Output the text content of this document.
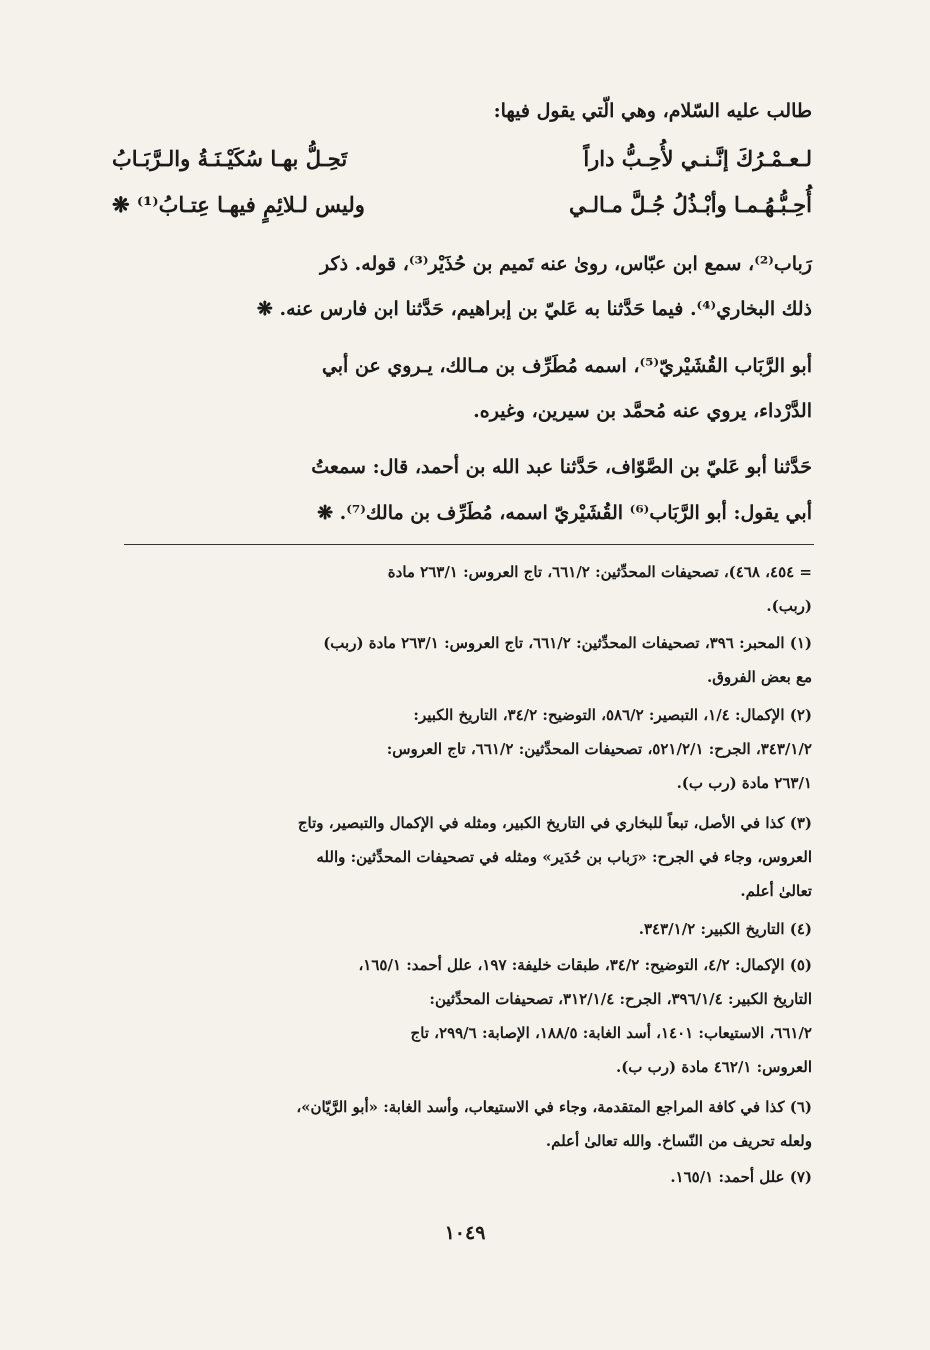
طالب عليه السّلام، وهي الّتي يقول فيها:
لـعـمْـرُكَ إنَّـنـي لأُحِـبُّ داراً
تَحِـلُّ بهـا سُكَيْـنَـةُ والـرَّبَـابُ
أُحِـبُّـهُـمـا وأبْـذُلُ جُـلَّ مـالـي
وليس لـلائِمٍ فيهـا عِتـابُ⁽¹⁾ ❋
رَباب⁽²⁾، سمع ابن عبّاس، روىٰ عنه تَميم بن حُذَيْر⁽³⁾، قوله. ذكر
ذلك البخاري⁽⁴⁾. فيما حَدَّثنا به عَليّ بن إبراهيم، حَدَّثنا ابن فارس عنه. ❋
أبو الرَّبَاب القُشَيْريّ⁽⁵⁾، اسمه مُطَرِّف بن مـالك، يـروي عن أبي
الدَّرْداء، يروي عنه مُحمَّد بن سيرين، وغيره.
حَدَّثنا أبو عَليّ بن الصَّوّاف، حَدَّثنا عبد الله بن أحمد، قال: سمعتُ
أبي يقول: أبو الرَّبَاب⁽⁶⁾ القُشَيْريّ اسمه، مُطَرِّف بن مالك⁽⁷⁾. ❋
= ٤٥٤، ٤٦٨)، تصحيفات المحدِّثين: ٦٦١/٢، تاج العروس: ٢٦٣/١ مادة
(ربب).
(١) المحبر: ٣٩٦، تصحيفات المحدِّثين: ٦٦١/٢، تاج العروس: ٢٦٣/١ مادة (ربب)
مع بعض الفروق.
(٢) الإكمال: ١/٤، التبصير: ٥٨٦/٢، التوضيح: ٣٤/٢، التاريخ الكبير:
٣٤٣/١/٢، الجرح: ٥٢١/٢/١، تصحيفات المحدِّثين: ٦٦١/٢، تاج العروس:
٢٦٣/١ مادة (رب ب).
(٣) كذا في الأصل، تبعاً للبخاري في التاريخ الكبير، ومثله في الإكمال والتبصير، وتاج
العروس، وجاء في الجرح: «رَباب بن حُدَير» ومثله في تصحيفات المحدِّثين: والله
تعالىٰ أعلم.
(٤) التاريخ الكبير: ٣٤٣/١/٢.
(٥) الإكمال: ٤/٢، التوضيح: ٣٤/٢، طبقات خليفة: ١٩٧، علل أحمد: ١٦٥/١،
التاريخ الكبير: ٣٩٦/١/٤، الجرح: ٣١٢/١/٤، تصحيفات المحدِّثين:
٦٦١/٢، الاستيعاب: ١٤٠١، أسد الغابة: ١٨٨/٥، الإصابة: ٢٩٩/٦، تاج
العروس: ٤٦٢/١ مادة (رب ب).
(٦) كذا في كافة المراجع المتقدمة، وجاء في الاستيعاب، وأسد الغابة: «أبو الرَّيّان»،
ولعله تحريف من النّساخ. والله تعالىٰ أعلم.
(٧) علل أحمد: ١٦٥/١.
١٠٤٩
